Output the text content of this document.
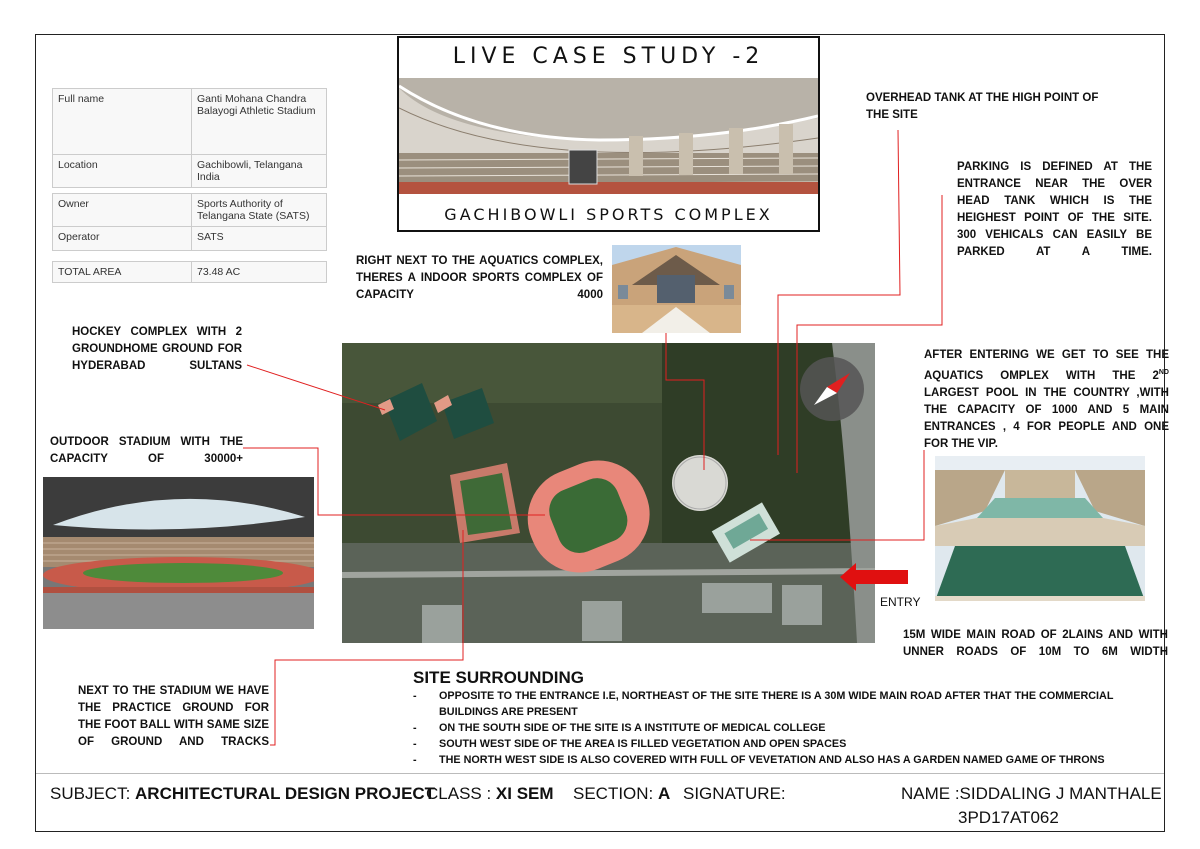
Full name	Ganti Mohana Chandra Balayogi Athletic Stadium
Location	Gachibowli, Telangana India
Owner	Sports Authority of Telangana State (SATS)
Operator	SATS
TOTAL AREA	73.48 AC
LIVE CASE STUDY -2
GACHIBOWLI SPORTS COMPLEX
OVERHEAD TANK AT THE HIGH POINT OF THE SITE
PARKING IS DEFINED AT THE ENTRANCE NEAR THE OVER HEAD TANK WHICH IS THE HEIGHEST POINT OF THE SITE. 300 VEHICALS CAN EASILY BE PARKED AT A TIME.
RIGHT NEXT TO THE AQUATICS COMPLEX, THERES A INDOOR SPORTS COMPLEX OF CAPACITY 4000
HOCKEY COMPLEX WITH 2 GROUNDHOME GROUND FOR HYDERABAD SULTANS
OUTDOOR STADIUM WITH THE CAPACITY OF 30000+
AFTER ENTERING WE GET TO SEE THE AQUATICS OMPLEX WITH THE 2ND LARGEST POOL IN THE COUNTRY ,WITH THE CAPACITY OF 1000 AND 5 MAIN ENTRANCES , 4 FOR PEOPLE AND ONE FOR THE VIP.
ENTRY
15M WIDE MAIN ROAD OF 2LAINS AND WITH UNNER ROADS OF 10M TO 6M WIDTH
NEXT TO THE STADIUM WE HAVE THE PRACTICE GROUND FOR THE FOOT BALL WITH SAME SIZE OF GROUND AND TRACKS
SITE SURROUNDING
- OPPOSITE TO THE ENTRANCE I.E, NORTHEAST OF THE SITE THERE IS A 30M WIDE MAIN ROAD AFTER THAT THE COMMERCIAL BUILDINGS ARE PRESENT
- ON THE SOUTH SIDE OF THE SITE IS A INSTITUTE OF MEDICAL COLLEGE
- SOUTH WEST SIDE OF THE AREA IS FILLED VEGETATION AND OPEN SPACES
- THE NORTH WEST SIDE IS ALSO COVERED WITH FULL OF VEVETATION AND ALSO HAS A GARDEN NAMED GAME OF THRONS
SUBJECT: ARCHITECTURAL DESIGN PROJECT
CLASS : XI SEM SECTION: A SIGNATURE:	NAME :SIDDALING J MANTHALE
3PD17AT062
